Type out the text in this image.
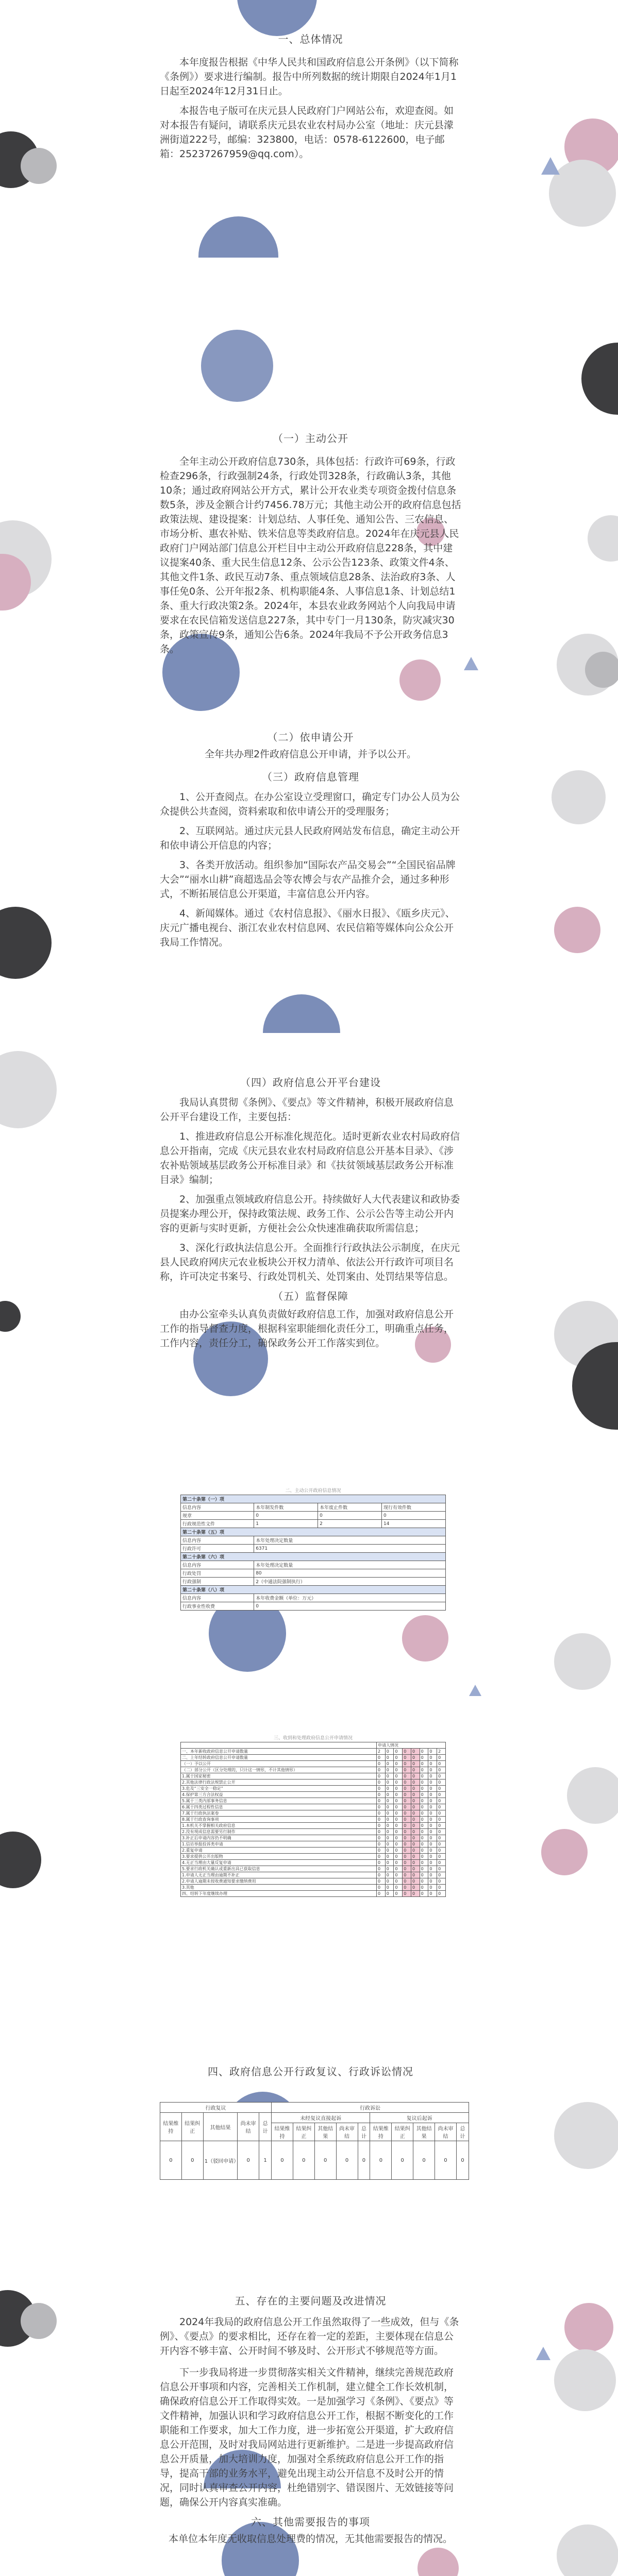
一、总体情况

本年度报告根据《中华人民共和国政府信息公开条例》（以下简称《条例》）要求进行编制。报告中所列数据的统计期限自2024年1月1日起至2024年12月31日止。

本报告电子版可在庆元县人民政府门户网站公布，欢迎查阅。如对本报告有疑问，请联系庆元县农业农村局办公室（地址：庆元县濛洲街道222号，邮编：323800，电话：0578-6122600，电子邮箱：25237267959@qq.com）。

（一）主动公开

全年主动公开政府信息730条，具体包括：行政许可69条，行政检查296条，行政强制24条，行政处罚328条，行政确认3条，其他10条；通过政府网站公开方式，累计公开农业类专项资金拨付信息条数5条，涉及金额合计约7456.78万元；其他主动公开的政府信息包括政策法规、建设提案：计划总结、人事任免、通知公告、三农信息、市场分析、惠农补贴、铁米信息等类政府信息。2024年在庆元县人民政府门户网站部门信息公开栏目中主动公开政府信息228条，其中建议提案40条、重大民生信息12条、公示公告123条、政策文件4条、其他文件1条、政民互动7条、重点领域信息28条、法治政府3条、人事任免0条、公开年报2条、机构职能4条、人事信息1条、计划总结1条、重大行政决策2条。2024年，本县农业政务网站个人向我局申请要求在农民信箱发送信息227条，其中专门一月130条，防灾减灾30条，政策宣传9条，通知公告6条。2024年我局不予公开政务信息3条。

（二）依申请公开

全年共办理2件政府信息公开申请，并予以公开。

（三）政府信息管理

1、公开查阅点。在办公室设立受理窗口，确定专门办公人员为公众提供公共查阅，资料索取和依申请公开的受理服务；

2、互联网站。通过庆元县人民政府网站发布信息，确定主动公开和依申请公开信息的内容；

3、各类开放活动。组织参加“国际农产品交易会”“全国民宿品牌大会”“丽水山耕”商超选品会等农博会与农产品推介会，通过多种形式，不断拓展信息公开渠道，丰富信息公开内容。

4、新闻媒体。通过《农村信息报》、《丽水日报》、《瓯乡庆元》、庆元广播电视台、浙江农业农村信息网、农民信箱等媒体向公众公开我局工作情况。

（四）政府信息公开平台建设

我局认真贯彻《条例》、《要点》等文件精神，积极开展政府信息公开平台建设工作，主要包括：

1、推进政府信息公开标准化规范化。适时更新农业农村局政府信息公开指南，完成《庆元县农业农村局政府信息公开基本目录》、《涉农补贴领域基层政务公开标准目录》和《扶贫领域基层政务公开标准目录》编制；

2、加强重点领域政府信息公开。持续做好人大代表建议和政协委员提案办理公开，保持政策法规、政务工作、公示公告等主动公开内容的更新与实时更新，方便社会公众快速准确获取所需信息；

3、深化行政执法信息公开。全面推行行政执法公示制度，在庆元县人民政府网庆元农业板块公开权力清单、依法公开行政许可项目名称，许可决定书案号、行政处罚机关、处罚案由、处罚结果等信息。

（五）监督保障

由办公室牵头认真负责做好政府信息工作，加强对政府信息公开工作的指导督查力度，根据科室职能细化责任分工，明确重点任务，工作内容，责任分工，确保政务公开工作落实到位。

二、主动公开政府信息情况
第二十条第（一）项			
信息内容	本年制发件数	本年废止件数	现行有效件数
规章	0	0	0
行政规范性文件	1	2	14
第二十条第（五）项			
信息内容	本年处理决定数量		
行政许可	6371		
第二十条第（六）项			
信息内容	本年处理决定数量		
行政处罚	80		
行政强制	2（中通法院强制执行）		
第二十条第（八）项			
信息内容	本年收费金额（单位：万元）		
行政事业性收费	0		
三、收到和处理政府信息公开申请情况
	申请人情况							
一、本年新收政府信息公开申请数量	2	0	0	0	0	0	0	2
二、上年结转政府信息公开申请数量	0	0	0	0	0	0	0	0
（一）予以公开	0	0	0	0	0	0	0	0
（二）部分公开（区分处理的，只计这一情形，不计其他情形）	0	0	0	0	0	0	0	0
1.属于国家秘密	0	0	0	0	0	0	0	0
2.其他法律行政法规禁止公开	0	0	0	0	0	0	0	0
3.危及“三安全一稳定”	0	0	0	0	0	0	0	0
4.保护第三方合法权益	0	0	0	0	0	0	0	0
5.属于三类内部事务信息	0	0	0	0	0	0	0	0
6.属于四类过程性信息	0	0	0	0	0	0	0	0
7.属于行政执法案卷	0	0	0	0	0	0	0	0
8.属于行政查询事项	0	0	0	0	0	0	0	0
1.本机关不掌握相关政府信息	0	0	0	0	0	0	0	0
2.没有现成信息需要另行制作	0	0	0	0	0	0	0	0
3.补正后申请内容仍不明确	0	0	0	0	0	0	0	0
1.信访举报投诉类申请	0	0	0	0	0	0	0	0
2.重复申请	0	0	0	0	0	0	0	0
3.要求提供公开出版物	0	0	0	0	0	0	0	0
4.无正当理由大量反复申请	0	0	0	0	0	0	0	0
5.要求行政机关确认或重新出具已获取信息	0	0	0	0	0	0	0	0
1.申请人无正当理由逾期不补正	0	0	0	0	0	0	0	0
2.申请人逾期未按收费通知要求缴纳费用	0	0	0	0	0	0	0	0
3.其他	0	0	0	0	0	0	0	0
四、结转下年度继续办理	0	0	0	0	0	0	0	0
四、政府信息公开行政复议、行政诉讼情况
行政复议					行政诉讼									
结果维持	结果纠正	其他结果	尚未审结	总计	未经复议直接起诉					复议后起诉				
					结果维持	结果纠正	其他结果	尚未审结	总计	结果维持	结果纠正	其他结果	尚未审结	总计
0	0	1（驳回申请）	0	1	0	0	0	0	0	0	0	0	0	0
五、存在的主要问题及改进情况

2024年我局的政府信息公开工作虽然取得了一些成效，但与《条例》、《要点》的要求相比，还存在着一定的差距，主要体现在信息公开内容不够丰富、公开时间不够及时、公开形式不够规范等方面。

下一步我局将进一步贯彻落实相关文件精神，继续完善规范政府信息公开事项和内容，完善相关工作机制，建立健全工作长效机制，确保政府信息公开工作取得实效。一是加强学习《条例》、《要点》等文件精神，加强认识和学习政府信息公开工作，根据不断变化的工作职能和工作要求，加大工作力度，进一步拓宽公开渠道，扩大政府信息公开范围，及时对我局网站进行更新维护。二是进一步提高政府信息公开质量，加大培训力度，加强对全系统政府信息公开工作的指导，提高干部的业务水平，避免出现主动公开信息不及时公开的情况，同时认真审查公开内容，杜绝错别字、错误图片、无效链接等问题，确保公开内容真实准确。

六、其他需要报告的事项

本单位本年度无收取信息处理费的情况，无其他需要报告的情况。
